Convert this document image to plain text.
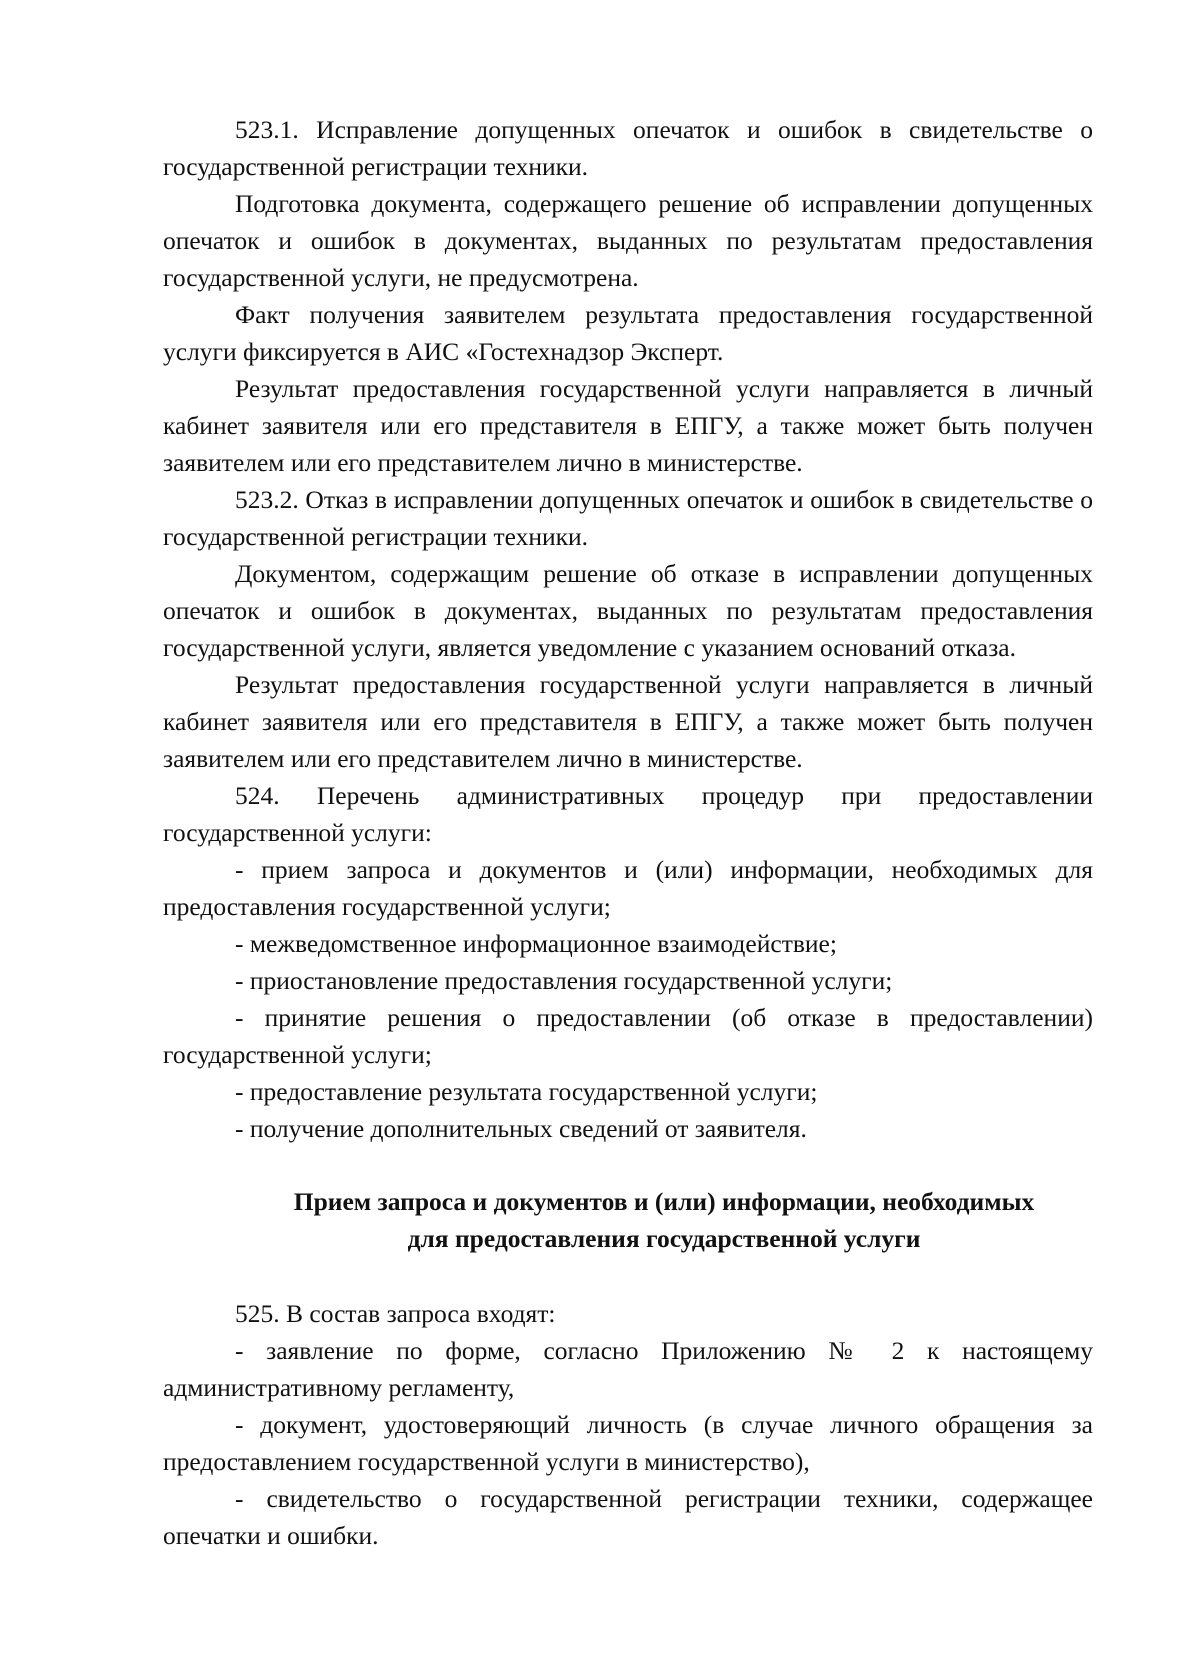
523.1. Исправление допущенных опечаток и ошибок в свидетельстве о государственной регистрации техники.

Подготовка документа, содержащего решение об исправлении допущенных опечаток и ошибок в документах, выданных по результатам предоставления государственной услуги, не предусмотрена.

Факт получения заявителем результата предоставления государственной услуги фиксируется в АИС «Гостехнадзор Эксперт.

Результат предоставления государственной услуги направляется в личный кабинет заявителя или его представителя в ЕПГУ, а также может быть получен заявителем или его представителем лично в министерстве.

523.2. Отказ в исправлении допущенных опечаток и ошибок в свидетельстве о государственной регистрации техники.

Документом, содержащим решение об отказе в исправлении допущенных опечаток и ошибок в документах, выданных по результатам предоставления государственной услуги, является уведомление с указанием оснований отказа.

Результат предоставления государственной услуги направляется в личный кабинет заявителя или его представителя в ЕПГУ, а также может быть получен заявителем или его представителем лично в министерстве.

524. Перечень административных процедур при предоставлении государственной услуги:

- прием запроса и документов и (или) информации, необходимых для предоставления государственной услуги;

- межведомственное информационное взаимодействие;

- приостановление предоставления государственной услуги;

- принятие решения о предоставлении (об отказе в предоставлении) государственной услуги;

- предоставление результата государственной услуги;

- получение дополнительных сведений от заявителя.

Прием запроса и документов и (или) информации, необходимых

для предоставления государственной услуги

525. В состав запроса входят:

- заявление по форме, согласно Приложению № 2 к настоящему административному регламенту,

- документ, удостоверяющий личность (в случае личного обращения за предоставлением государственной услуги в министерство),

- свидетельство о государственной регистрации техники, содержащее опечатки и ошибки.
